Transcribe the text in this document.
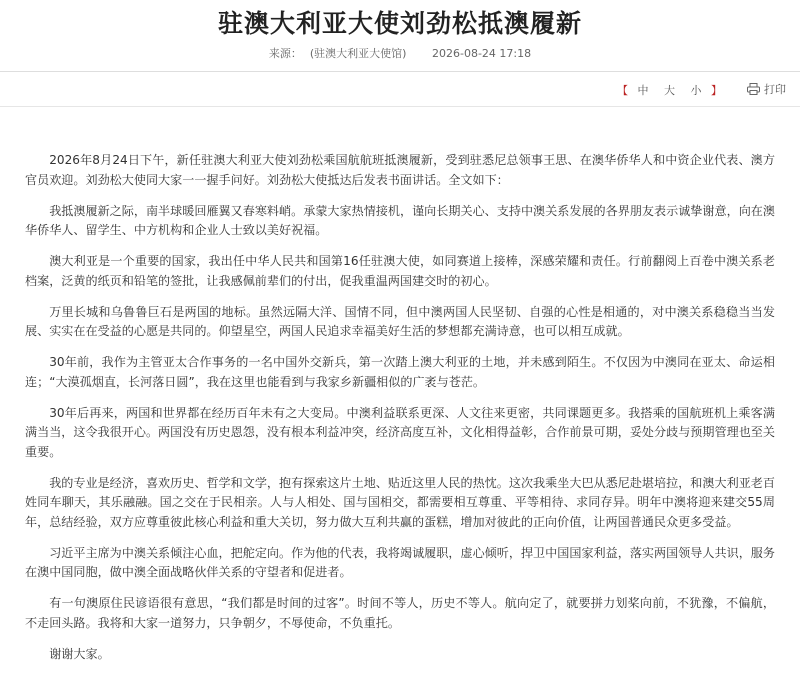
驻澳大利亚大使刘劲松抵澳履新
来源： (驻澳大利亚大使馆) 2026-08-24 17:18
【 中 大 小 】	打印

2026年8月24日下午，新任驻澳大利亚大使刘劲松乘国航航班抵澳履新，受到驻悉尼总领事王思、在澳华侨华人和中资企业代表、澳方官员欢迎。刘劲松大使同大家一一握手问好。刘劲松大使抵达后发表书面讲话。全文如下：

我抵澳履新之际，南半球暖回雁翼又春寒料峭。承蒙大家热情接机，谨向长期关心、支持中澳关系发展的各界朋友表示诚挚谢意，向在澳华侨华人、留学生、中方机构和企业人士致以美好祝福。

澳大利亚是一个重要的国家，我出任中华人民共和国第16任驻澳大使，如同赛道上接棒，深感荣耀和责任。行前翻阅上百卷中澳关系老档案，泛黄的纸页和铅笔的签批，让我感佩前辈们的付出，促我重温两国建交时的初心。

万里长城和乌鲁鲁巨石是两国的地标。虽然远隔大洋、国情不同，但中澳两国人民坚韧、自强的心性是相通的，对中澳关系稳稳当当发展、实实在在受益的心愿是共同的。仰望星空，两国人民追求幸福美好生活的梦想都充满诗意，也可以相互成就。

30年前，我作为主管亚太合作事务的一名中国外交新兵，第一次踏上澳大利亚的土地，并未感到陌生。不仅因为中澳同在亚太、命运相连；“大漠孤烟直，长河落日圆”，我在这里也能看到与我家乡新疆相似的广袤与苍茫。

30年后再来，两国和世界都在经历百年未有之大变局。中澳利益联系更深、人文往来更密，共同课题更多。我搭乘的国航班机上乘客满满当当，这令我很开心。两国没有历史恩怨，没有根本利益冲突，经济高度互补，文化相得益彰，合作前景可期，妥处分歧与预期管理也至关重要。

我的专业是经济，喜欢历史、哲学和文学，抱有探索这片土地、贴近这里人民的热忱。这次我乘坐大巴从悉尼赴堪培拉，和澳大利亚老百姓同车聊天，其乐融融。国之交在于民相亲。人与人相处、国与国相交，都需要相互尊重、平等相待、求同存异。明年中澳将迎来建交55周年，总结经验，双方应尊重彼此核心利益和重大关切，努力做大互利共赢的蛋糕，增加对彼此的正向价值，让两国普通民众更多受益。

习近平主席为中澳关系倾注心血，把舵定向。作为他的代表，我将竭诚履职，虚心倾听，捍卫中国国家利益，落实两国领导人共识，服务在澳中国同胞，做中澳全面战略伙伴关系的守望者和促进者。

有一句澳原住民谚语很有意思，“我们都是时间的过客”。时间不等人，历史不等人。航向定了，就要拼力划桨向前，不犹豫，不偏航，不走回头路。我将和大家一道努力，只争朝夕，不辱使命，不负重托。

谢谢大家。
